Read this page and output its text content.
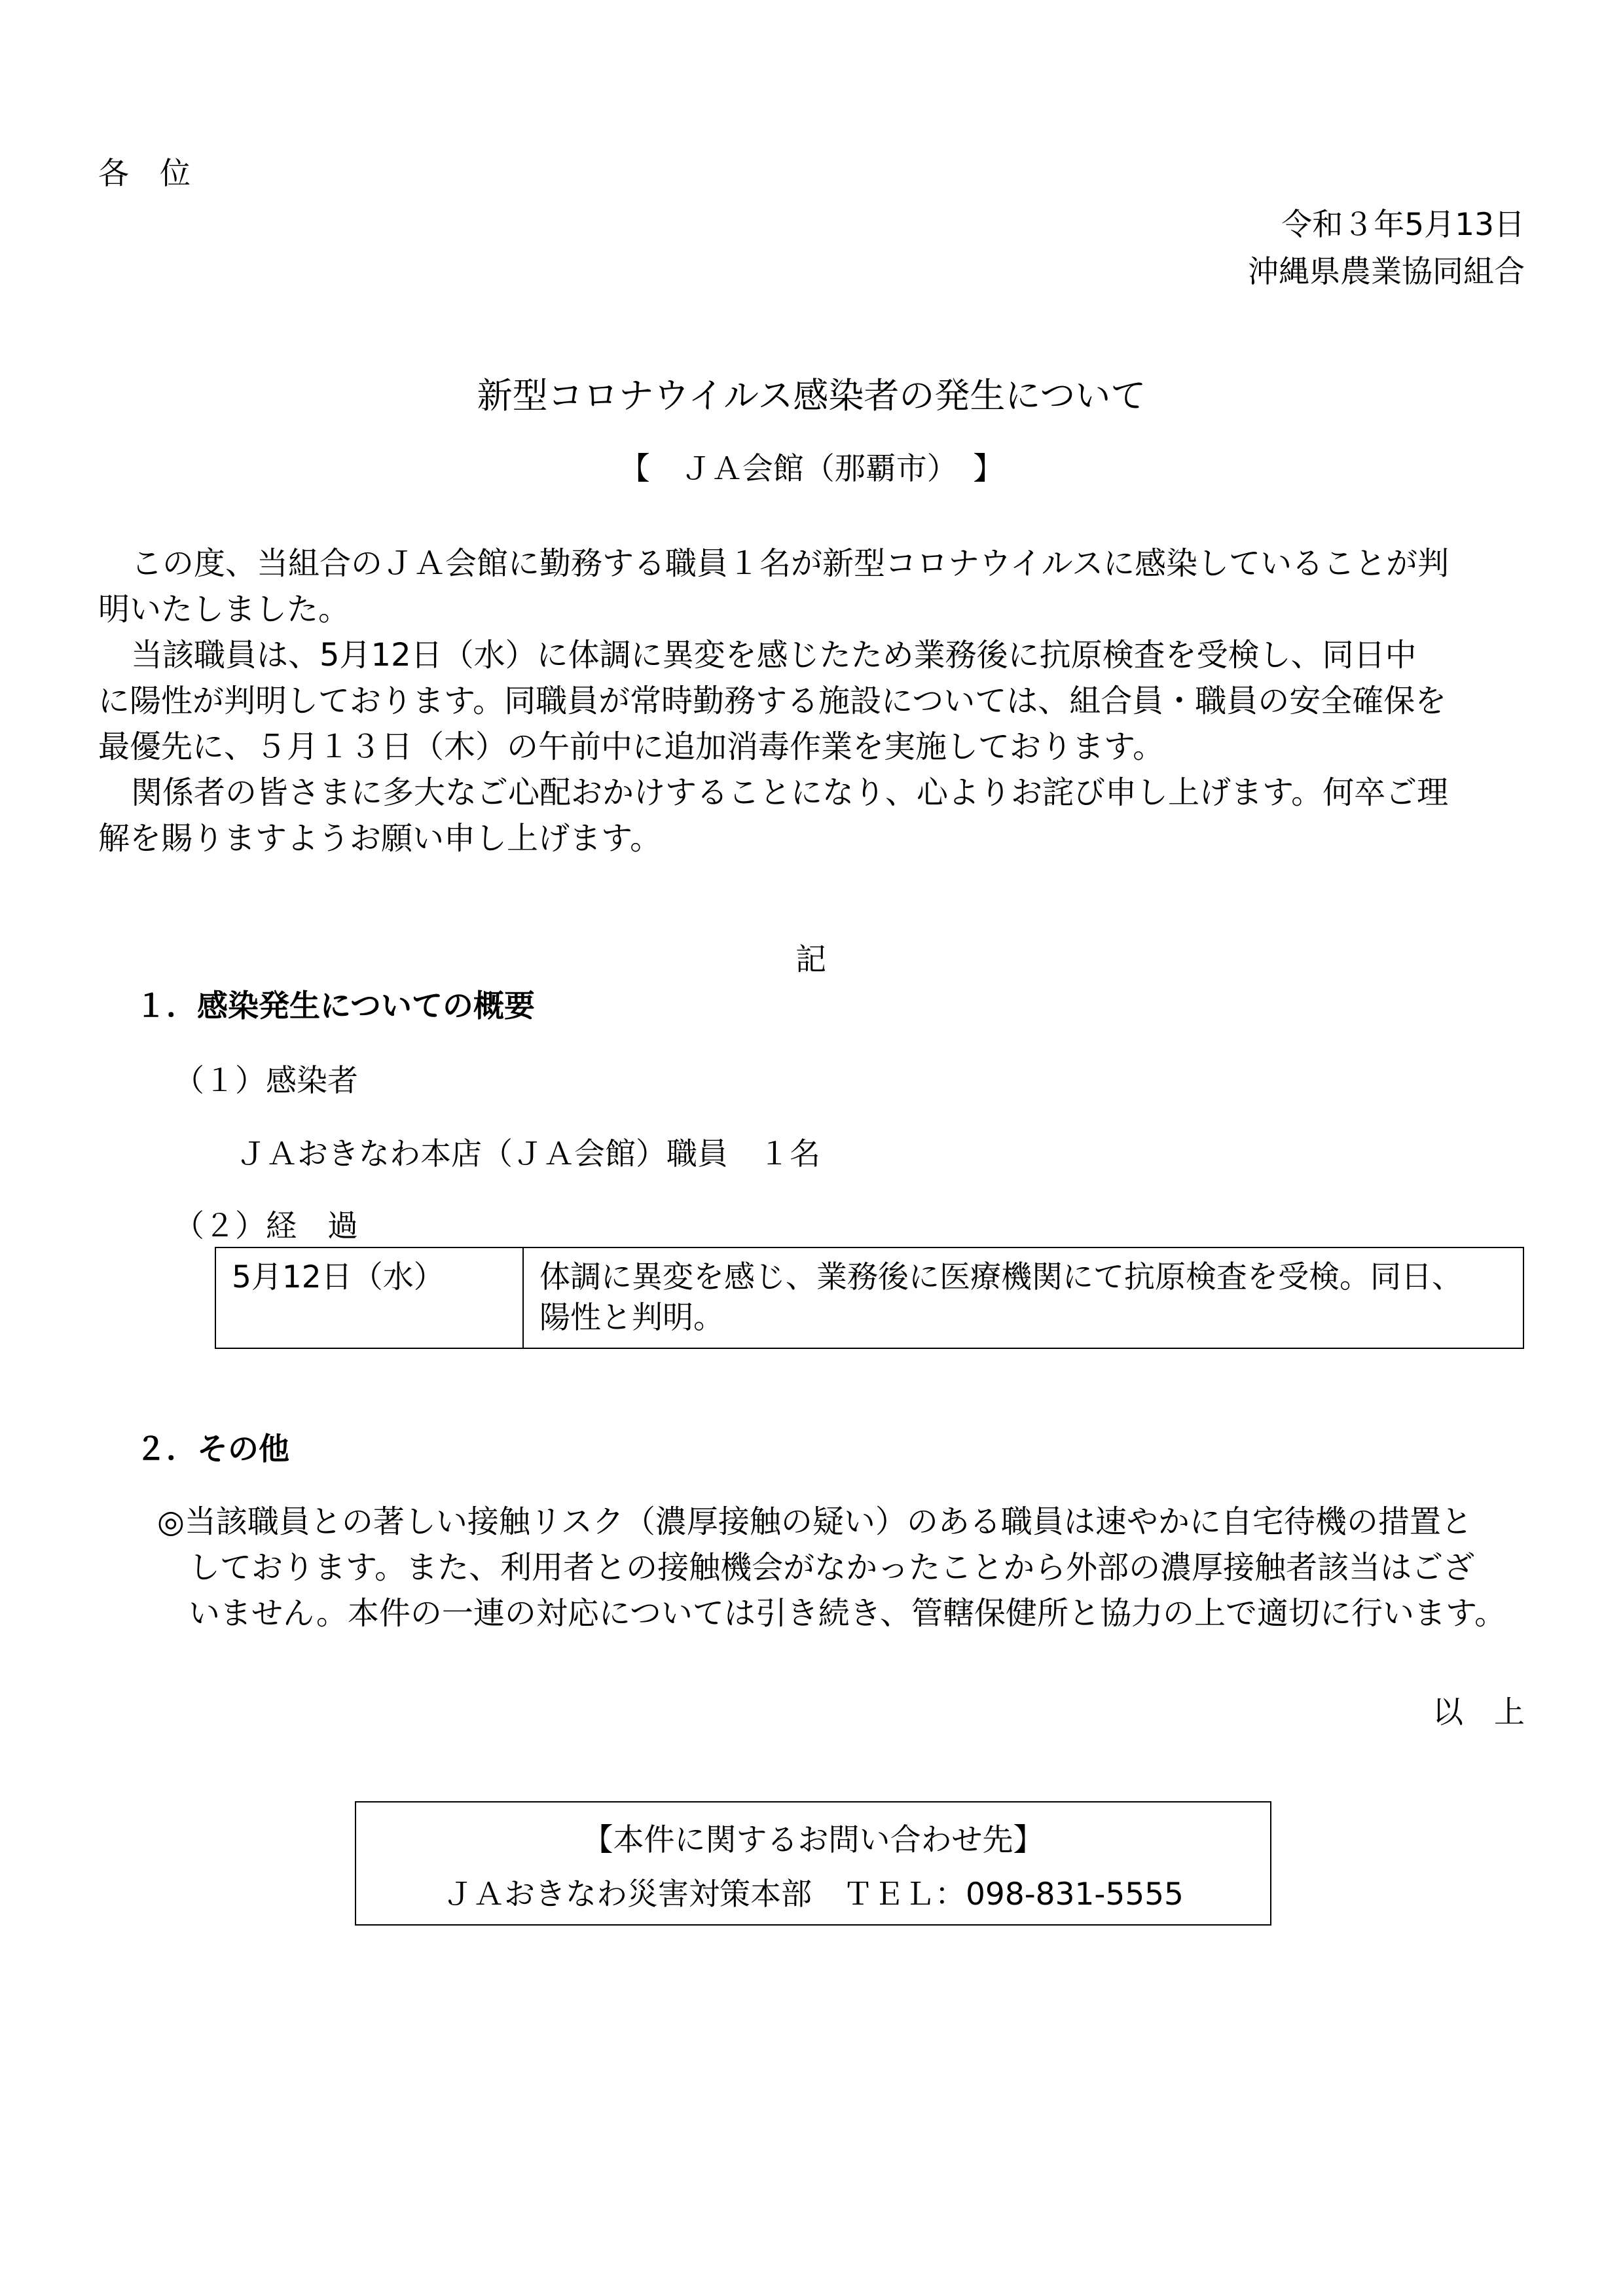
各　位
令和３年5月13日
沖縄県農業協同組合
新型コロナウイルス感染者の発生について
【　ＪＡ会館（那覇市）　】
この度、当組合のＪＡ会館に勤務する職員１名が新型コロナウイルスに感染していることが判
明いたしました。
当該職員は、5月12日（水）に体調に異変を感じたため業務後に抗原検査を受検し、同日中
に陽性が判明しております。同職員が常時勤務する施設については、組合員・職員の安全確保を
最優先に、５月１３日（木）の午前中に追加消毒作業を実施しております。
関係者の皆さまに多大なご心配おかけすることになり、心よりお詫び申し上げます。何卒ご理
解を賜りますようお願い申し上げます。
記
１．感染発生についての概要
（１）感染者
ＪＡおきなわ本店（ＪＡ会館）職員　１名
（２）経　過
5月12日（水）	体調に異変を感じ、業務後に医療機関にて抗原検査を受検。同日、
陽性と判明。
２．その他
◎当該職員との著しい接触リスク（濃厚接触の疑い）のある職員は速やかに自宅待機の措置と
しております。また、利用者との接触機会がなかったことから外部の濃厚接触者該当はござ
いません。本件の一連の対応については引き続き、管轄保健所と協力の上で適切に行います。
以　上
【本件に関するお問い合わせ先】
ＪＡおきなわ災害対策本部　ＴＥＬ：098-831-5555
